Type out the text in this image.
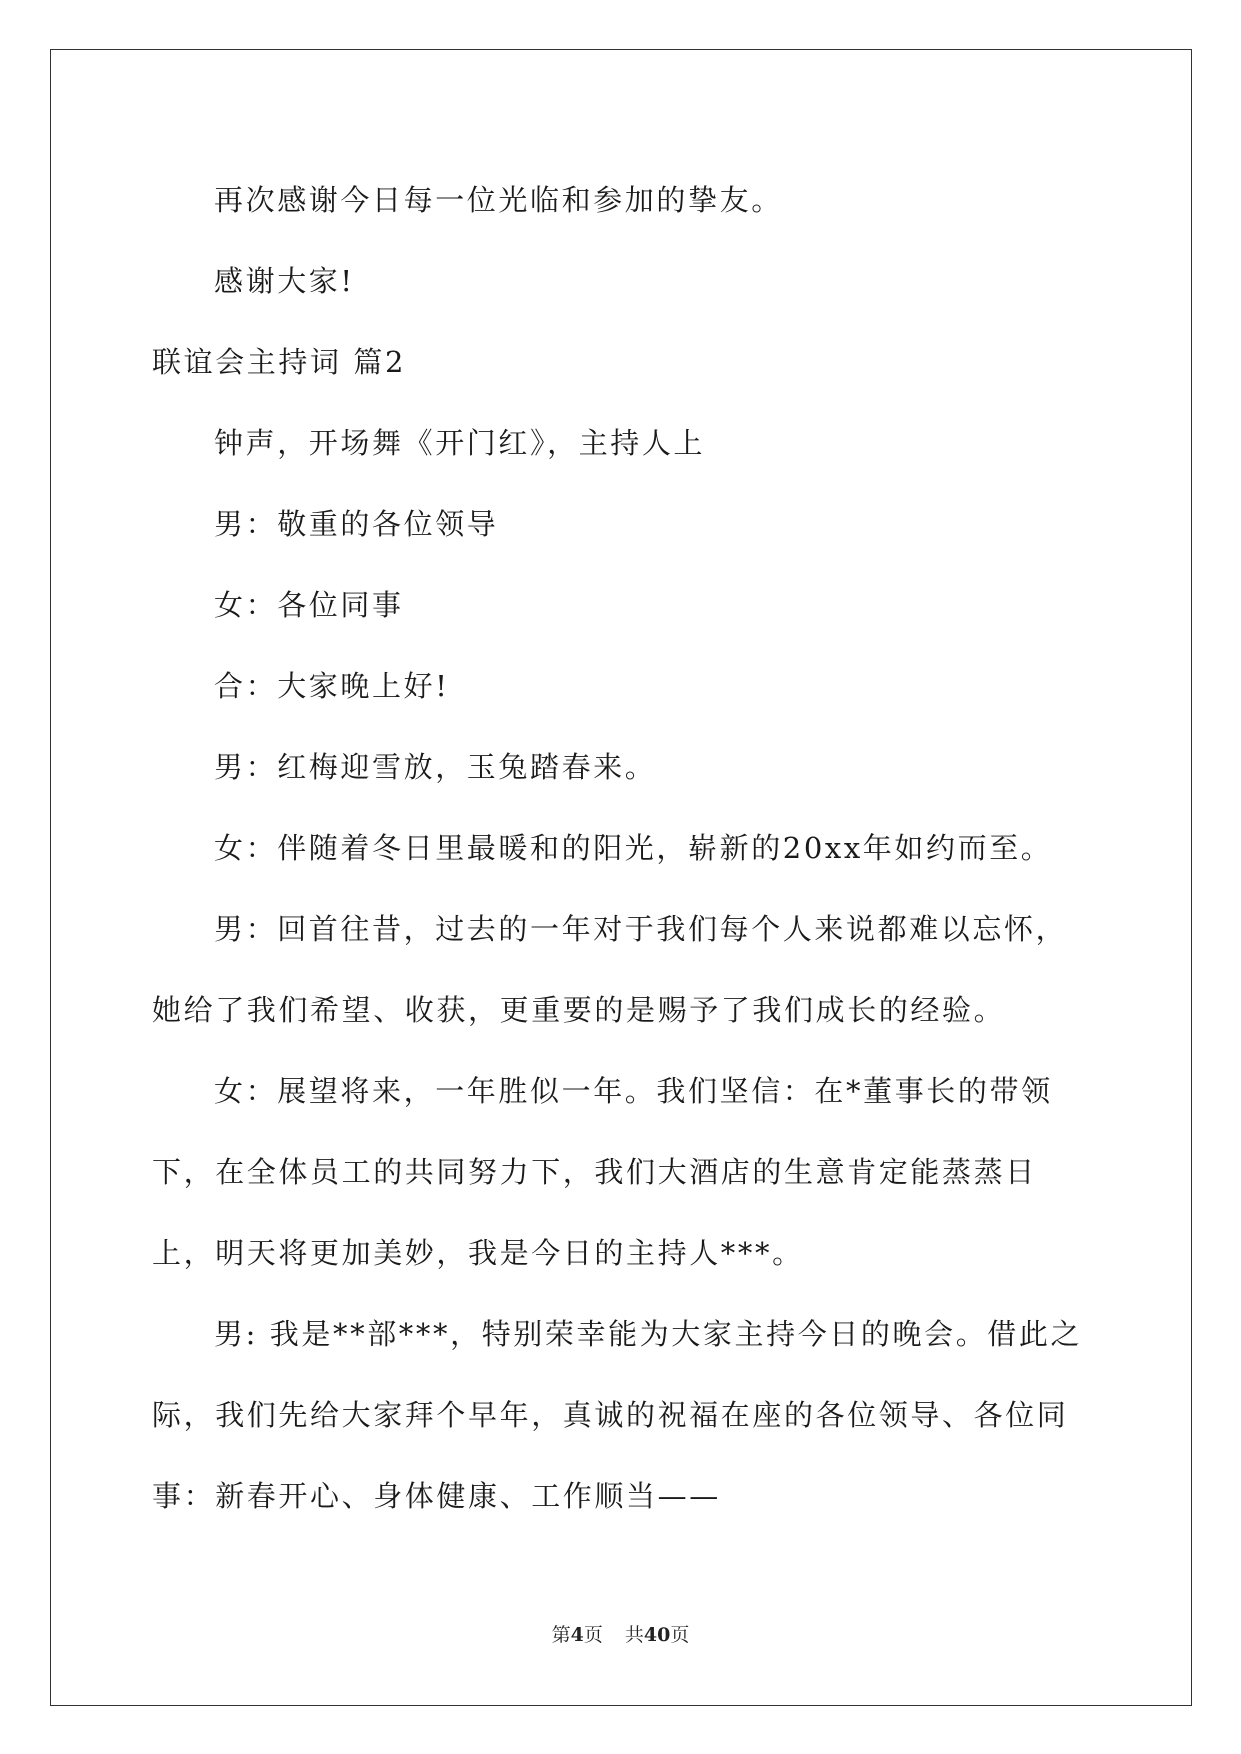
再次感谢今日每一位光临和参加的挚友。

感谢大家!

联谊会主持词 篇2

钟声，开场舞《开门红》，主持人上

男：敬重的各位领导

女：各位同事

合：大家晚上好!

男：红梅迎雪放，玉兔踏春来。

女：伴随着冬日里最暖和的阳光，崭新的20xx年如约而至。

男：回首往昔，过去的一年对于我们每个人来说都难以忘怀，她给了我们希望、收获，更重要的是赐予了我们成长的经验。

女：展望将来，一年胜似一年。我们坚信：在*董事长的带领下，在全体员工的共同努力下，我们大酒店的生意肯定能蒸蒸日上，明天将更加美妙，我是今日的主持人***。

男: 我是**部***，特别荣幸能为大家主持今日的晚会。借此之际，我们先给大家拜个早年，真诚的祝福在座的各位领导、各位同事：新春开心、身体健康、工作顺当——

第4页 共40页
